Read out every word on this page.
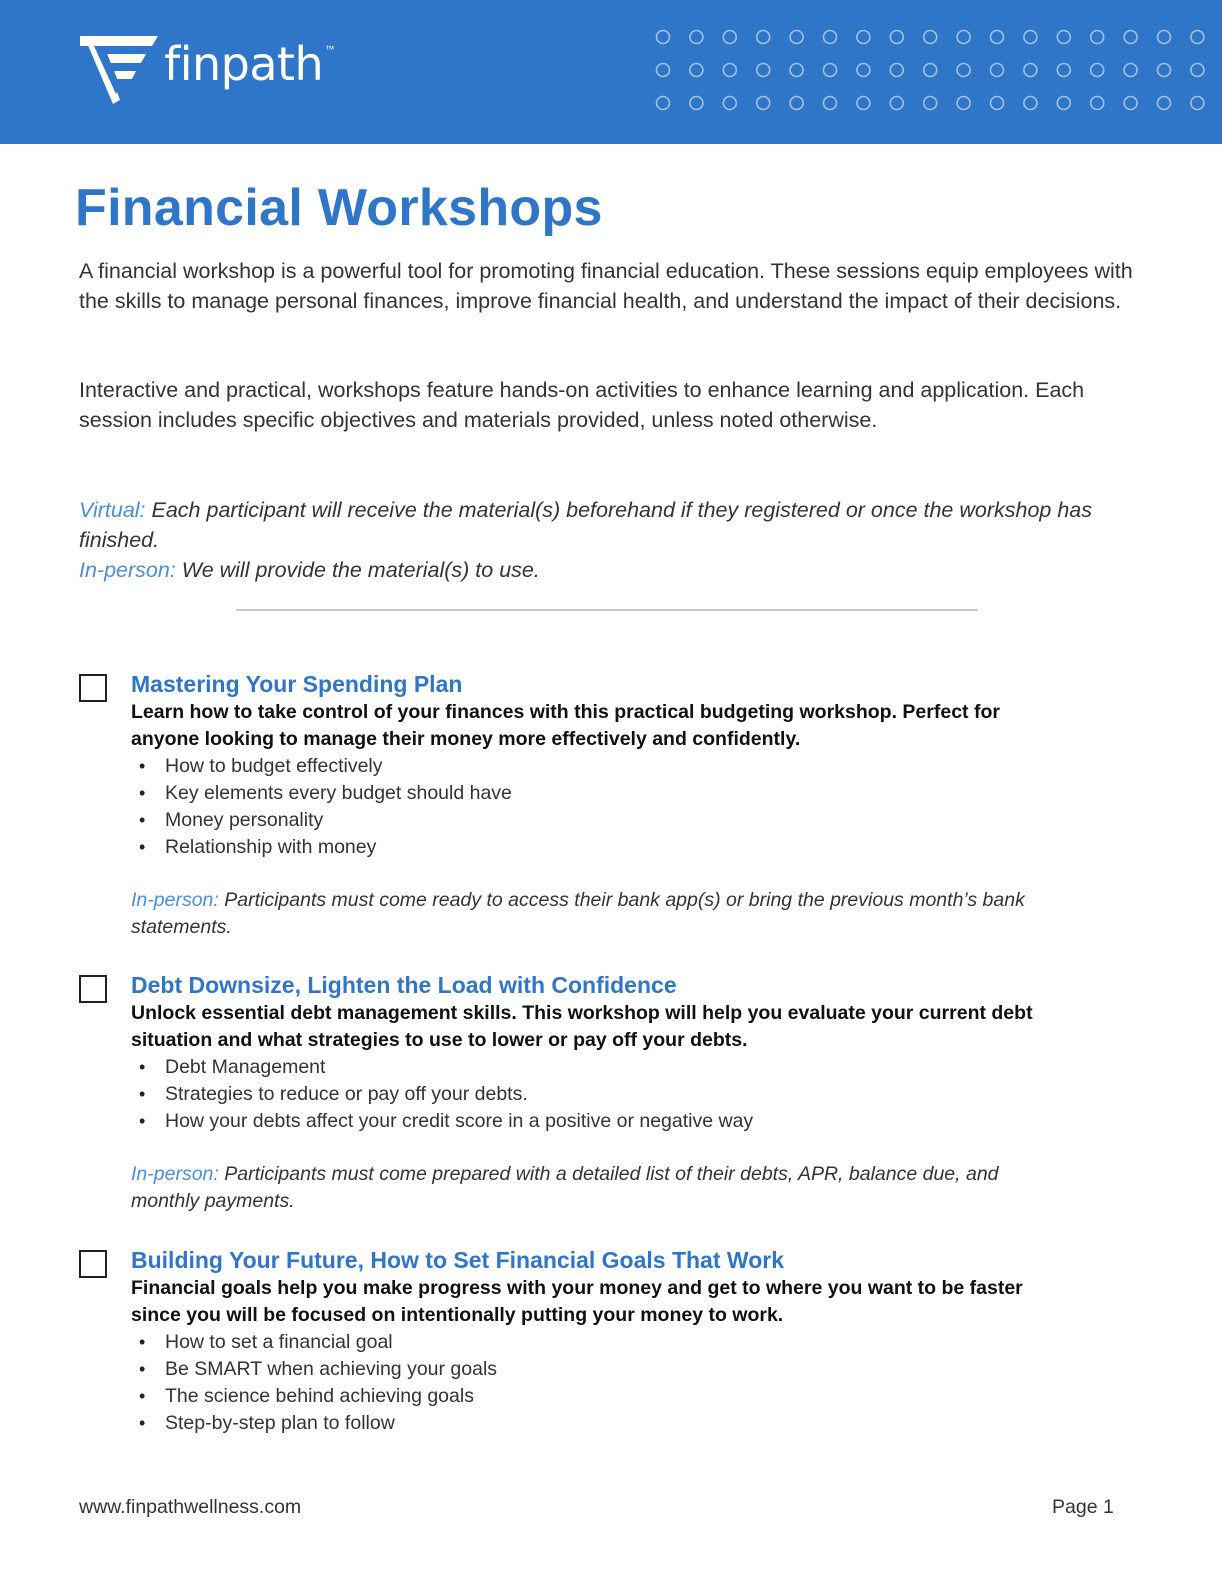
finpath ™
Financial Workshops

A financial workshop is a powerful tool for promoting financial education. These sessions equip employees with the skills to manage personal finances, improve financial health, and understand the impact of their decisions.

Interactive and practical, workshops feature hands-on activities to enhance learning and application. Each session includes specific objectives and materials provided, unless noted otherwise.

Virtual: Each participant will receive the material(s) beforehand if they registered or once the workshop has finished.
In-person: We will provide the material(s) to use.

Mastering Your Spending Plan

Learn how to take control of your finances with this practical budgeting workshop. Perfect for anyone looking to manage their money more effectively and confidently.

• How to budget effectively
• Key elements every budget should have
• Money personality
• Relationship with money

In-person: Participants must come ready to access their bank app(s) or bring the previous month’s bank statements.

Debt Downsize, Lighten the Load with Confidence

Unlock essential debt management skills. This workshop will help you evaluate your current debt situation and what strategies to use to lower or pay off your debts.

• Debt Management
• Strategies to reduce or pay off your debts.
• How your debts affect your credit score in a positive or negative way

In-person: Participants must come prepared with a detailed list of their debts, APR, balance due, and monthly payments.

Building Your Future, How to Set Financial Goals That Work

Financial goals help you make progress with your money and get to where you want to be faster since you will be focused on intentionally putting your money to work.

• How to set a financial goal
• Be SMART when achieving your goals
• The science behind achieving goals
• Step-by-step plan to follow
www.finpathwellness.com	Page 1
